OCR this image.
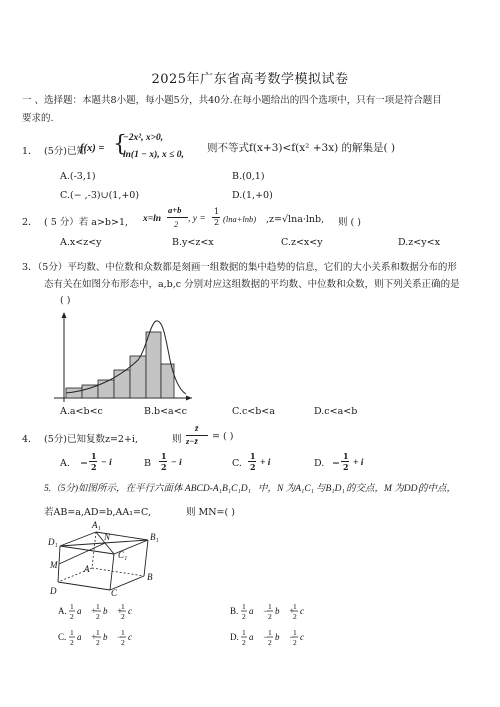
2025年广东省高考数学模拟试卷
一 、选择题：本题共8小题，每小题5分，共40分.在每小题给出的四个选项中，只有一项是符合题目
要求的.
1． (5分)已知
f(x) = {
−2x², x>0,
ln(1 − x), x ≤ 0,
则不等式f(x+3)<f(x² +3x) 的解集是( )
A.(-3,1)	B.(0,1)
C.(− ,-3)∪(1,+0)	D.(1,+0)
2． ( 5 分）若 a>b>1, x=ln
a+b
2 , y =
1
2 (lna+lnb) ,z=√lna·lnb, 则 ( )
A.x<z<y	B.y<z<x	C.z<x<y	D.z<y<x
3．（5分）平均数、中位数和众数都是刻画一组数据的集中趋势的信息，它们的大小关系和数据分布的形
态有关在如图分布形态中，a,b,c 分别对应这组数据的平均数、中位数和众数，则下列关系正确的是
( )
A.a<b<c	B.b<a<c	C.c<b<a	D.c<a<b
4． (5分)已知复数z=2+i,	则
z̄
z−z̄ = ( )
A. −
1
2 − i	B
1
2 − i	C.
1
2 + i	D. −
1
2 + i
5.（5分)如图所示，在平行六面体 ABCD-A₁B₁C₁D₁ 中，N 为A₁C₁ 与B₁D₁ 的交点，M 为DD₁
的中点，
若AB=a,AD=b,AA₁=C,	则 MN=( )
A₁
B₁
C₁
D₁
A
B
C
D
M
N
A. 1
2
a⃗ + 1
2
b⃗ +
1
2
c⃗	B. 1
2
a⃗ − 1
2
b⃗ +
1
2
c⃗
C. 1
2
a⃗ + 1
2
b⃗ −
1
2
c⃗	D. 1
2
a⃗ − 1
2
b⃗ −
1
2
c⃗
